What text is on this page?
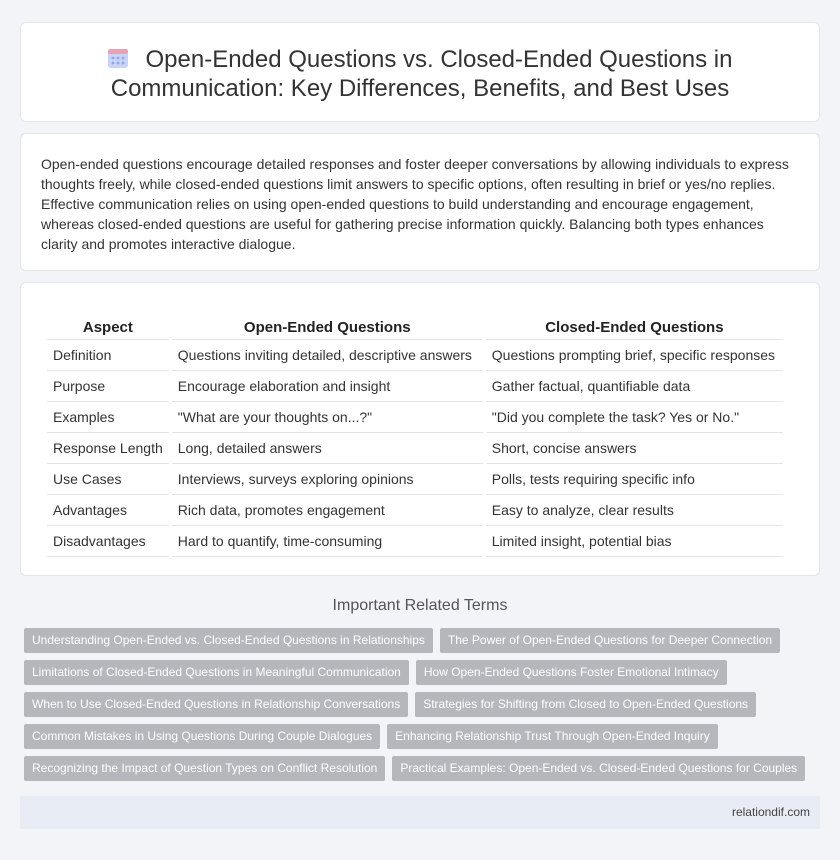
Open-Ended Questions vs. Closed-Ended Questions in Communication: Key Differences, Benefits, and Best Uses

Open-ended questions encourage detailed responses and foster deeper conversations by allowing individuals to express thoughts freely, while closed-ended questions limit answers to specific options, often resulting in brief or yes/no replies. Effective communication relies on using open-ended questions to build understanding and encourage engagement, whereas closed-ended questions are useful for gathering precise information quickly. Balancing both types enhances clarity and promotes interactive dialogue.

Aspect	Open-Ended Questions	Closed-Ended Questions
Definition	Questions inviting detailed, descriptive answers	Questions prompting brief, specific responses
Purpose	Encourage elaboration and insight	Gather factual, quantifiable data
Examples	"What are your thoughts on...?"	"Did you complete the task? Yes or No."
Response Length	Long, detailed answers	Short, concise answers
Use Cases	Interviews, surveys exploring opinions	Polls, tests requiring specific info
Advantages	Rich data, promotes engagement	Easy to analyze, clear results
Disadvantages	Hard to quantify, time-consuming	Limited insight, potential bias
Important Related Terms
Understanding Open-Ended vs. Closed-Ended Questions in Relationships	The Power of Open-Ended Questions for Deeper Connection
Limitations of Closed-Ended Questions in Meaningful Communication	How Open-Ended Questions Foster Emotional Intimacy
When to Use Closed-Ended Questions in Relationship Conversations	Strategies for Shifting from Closed to Open-Ended Questions
Common Mistakes in Using Questions During Couple Dialogues	Enhancing Relationship Trust Through Open-Ended Inquiry
Recognizing the Impact of Question Types on Conflict Resolution	Practical Examples: Open-Ended vs. Closed-Ended Questions for Couples
relationdif.com
